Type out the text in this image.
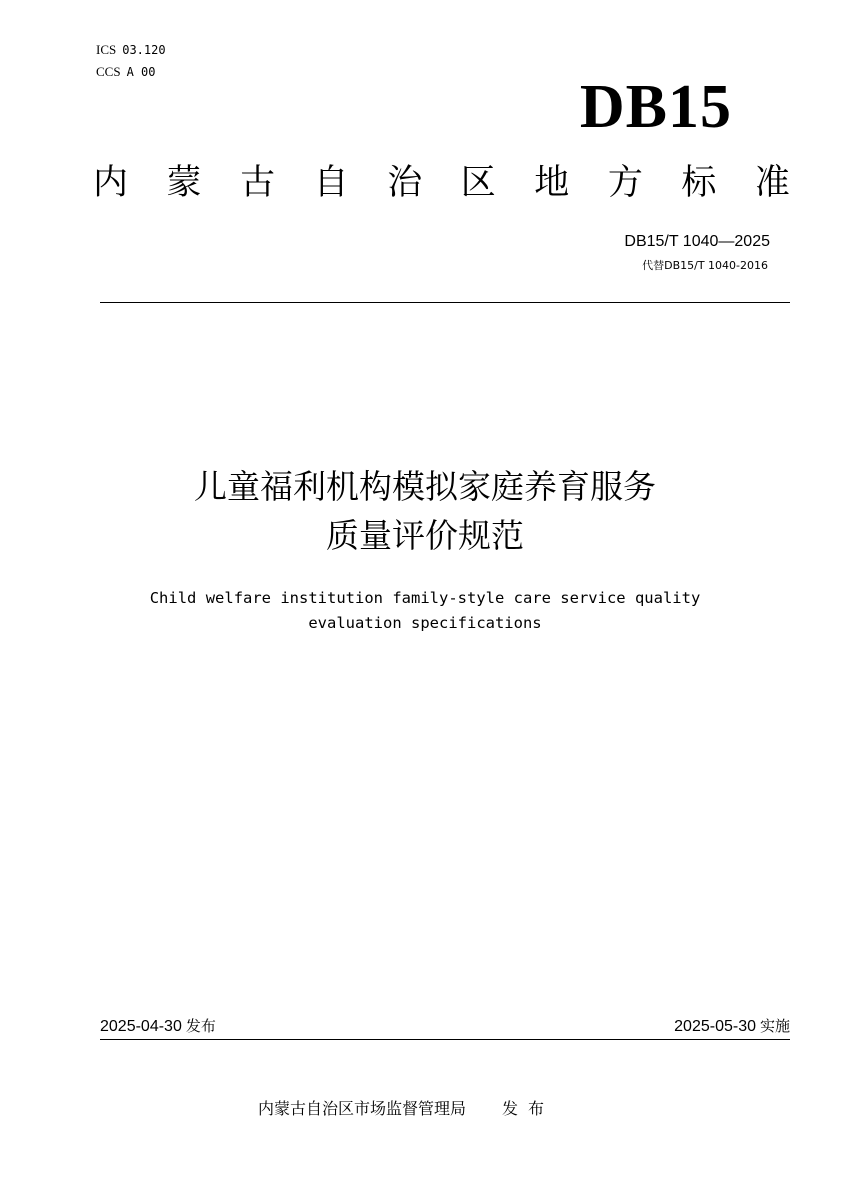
ICS 03.120
CCS A 00
DB15
内 蒙 古 自 治 区 地 方 标 准
DB15/T 1040—2025
代替DB15/T 1040-2016
儿童福利机构模拟家庭养育服务
质量评价规范
Child welfare institution family-style care service quality
evaluation specifications
2025-04-30 发布	2025-05-30 实施
内蒙古自治区市场监督管理局 发布
